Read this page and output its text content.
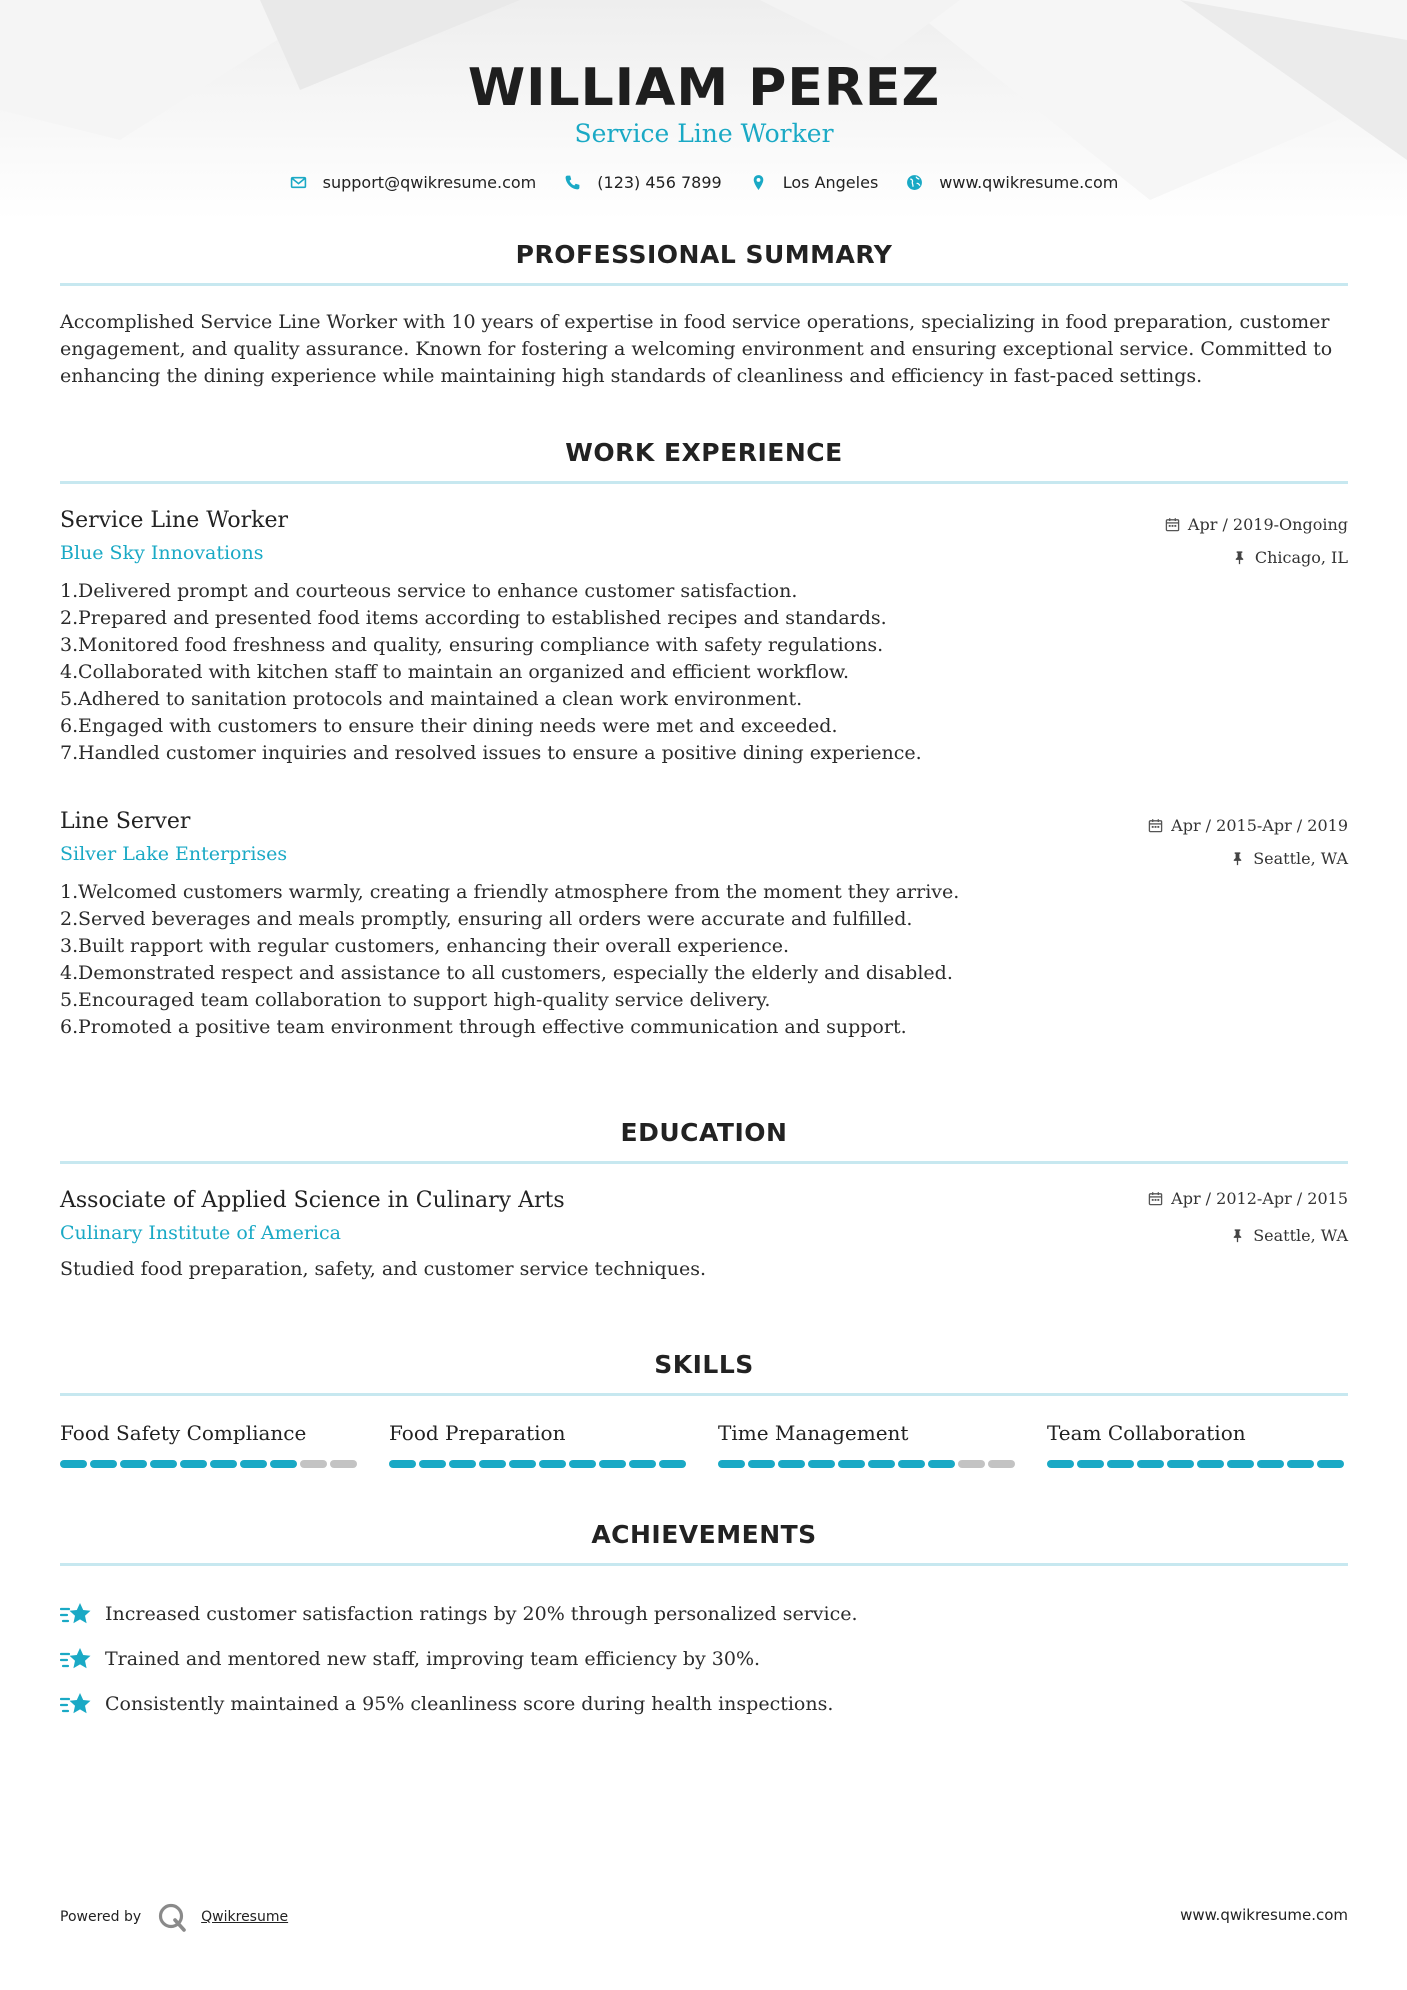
WILLIAM PEREZ
Service Line Worker
support@qwikresume.com	(123) 456 7899	Los Angeles	www.qwikresume.com
PROFESSIONAL SUMMARY
Accomplished Service Line Worker with 10 years of expertise in food service operations, specializing in food preparation, customer engagement, and quality assurance. Known for fostering a welcoming environment and ensuring exceptional service. Committed to enhancing the dining experience while maintaining high standards of cleanliness and efficiency in fast-paced settings.
WORK EXPERIENCE
Service Line Worker
Blue Sky Innovations
Apr / 2019-Ongoing
Chicago, IL
1. Delivered prompt and courteous service to enhance customer satisfaction.
2. Prepared and presented food items according to established recipes and standards.
3. Monitored food freshness and quality, ensuring compliance with safety regulations.
4. Collaborated with kitchen staff to maintain an organized and efficient workflow.
5. Adhered to sanitation protocols and maintained a clean work environment.
6. Engaged with customers to ensure their dining needs were met and exceeded.
7. Handled customer inquiries and resolved issues to ensure a positive dining experience.
Line Server
Silver Lake Enterprises
Apr / 2015-Apr / 2019
Seattle, WA
1. Welcomed customers warmly, creating a friendly atmosphere from the moment they arrive.
2. Served beverages and meals promptly, ensuring all orders were accurate and fulfilled.
3. Built rapport with regular customers, enhancing their overall experience.
4. Demonstrated respect and assistance to all customers, especially the elderly and disabled.
5. Encouraged team collaboration to support high-quality service delivery.
6. Promoted a positive team environment through effective communication and support.
EDUCATION
Associate of Applied Science in Culinary Arts
Culinary Institute of America
Apr / 2012-Apr / 2015
Seattle, WA
Studied food preparation, safety, and customer service techniques.
SKILLS
Food Safety Compliance	Food Preparation	Time Management	Team Collaboration
ACHIEVEMENTS
Increased customer satisfaction ratings by 20% through personalized service.
Trained and mentored new staff, improving team efficiency by 30%.
Consistently maintained a 95% cleanliness score during health inspections.
Powered by	Qwikresume	www.qwikresume.com
